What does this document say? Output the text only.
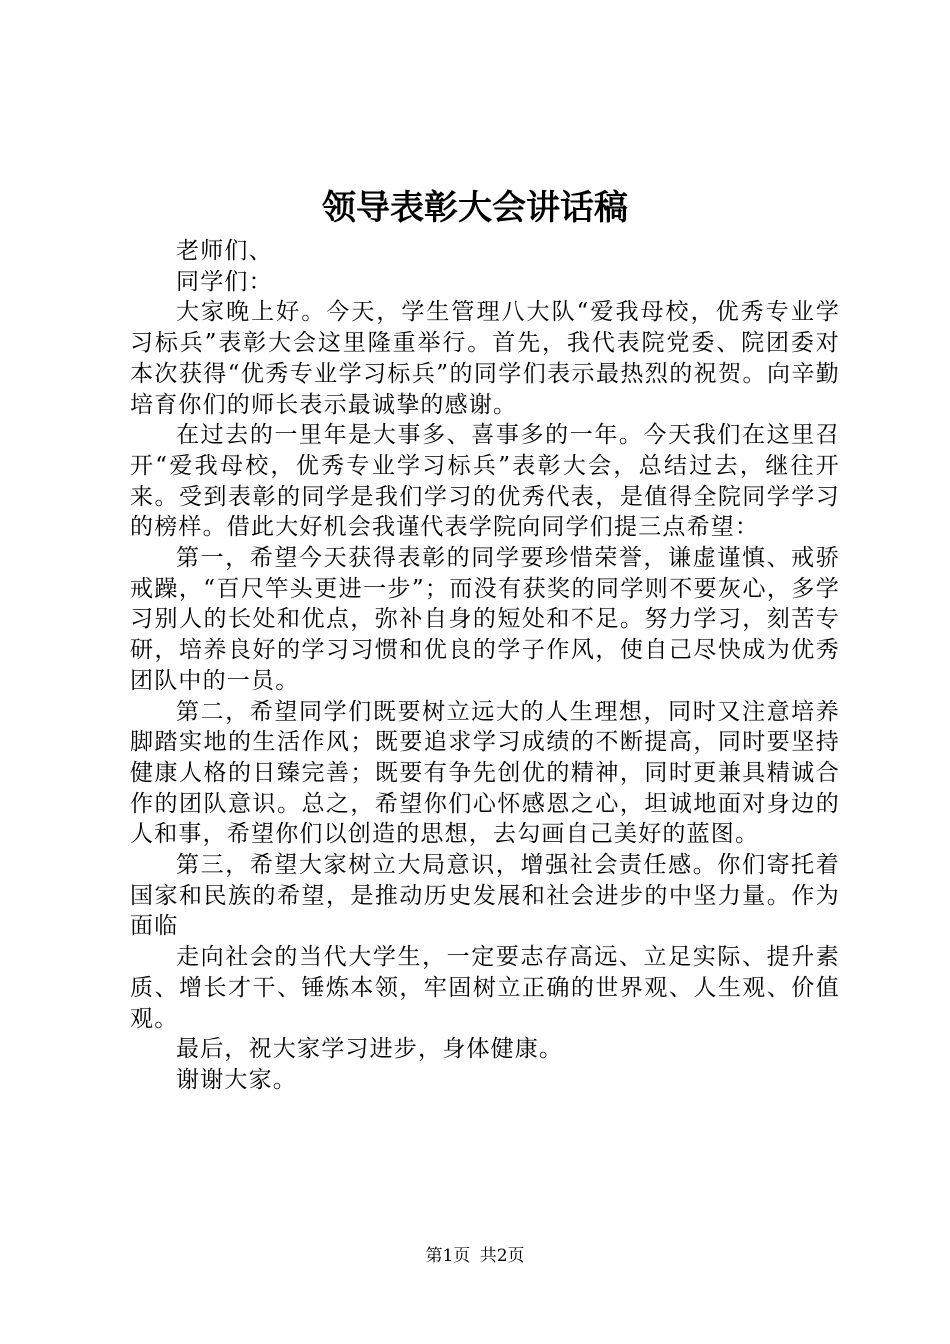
领导表彰大会讲话稿

老师们、

同学们：

大家晚上好。今天，学生管理八大队“爱我母校，优秀专业学习标兵”表彰大会这里隆重举行。首先，我代表院党委、院团委对本次获得“优秀专业学习标兵”的同学们表示最热烈的祝贺。向辛勤培育你们的师长表示最诚挚的感谢。

在过去的一里年是大事多、喜事多的一年。今天我们在这里召开“爱我母校，优秀专业学习标兵”表彰大会，总结过去，继往开来。受到表彰的同学是我们学习的优秀代表，是值得全院同学学习的榜样。借此大好机会我谨代表学院向同学们提三点希望：

第一，希望今天获得表彰的同学要珍惜荣誉，谦虚谨慎、戒骄戒躁，“百尺竿头更进一步”；而没有获奖的同学则不要灰心，多学习别人的长处和优点，弥补自身的短处和不足。努力学习，刻苦专研，培养良好的学习习惯和优良的学子作风，使自己尽快成为优秀团队中的一员。

第二，希望同学们既要树立远大的人生理想，同时又注意培养脚踏实地的生活作风；既要追求学习成绩的不断提高，同时要坚持健康人格的日臻完善；既要有争先创优的精神，同时更兼具精诚合作的团队意识。总之，希望你们心怀感恩之心，坦诚地面对身边的人和事，希望你们以创造的思想，去勾画自己美好的蓝图。

第三，希望大家树立大局意识，增强社会责任感。你们寄托着国家和民族的希望，是推动历史发展和社会进步的中坚力量。作为面临

走向社会的当代大学生，一定要志存高远、立足实际、提升素质、增长才干、锤炼本领，牢固树立正确的世界观、人生观、价值观。

最后，祝大家学习进步，身体健康。

谢谢大家。

第1页 共2页
